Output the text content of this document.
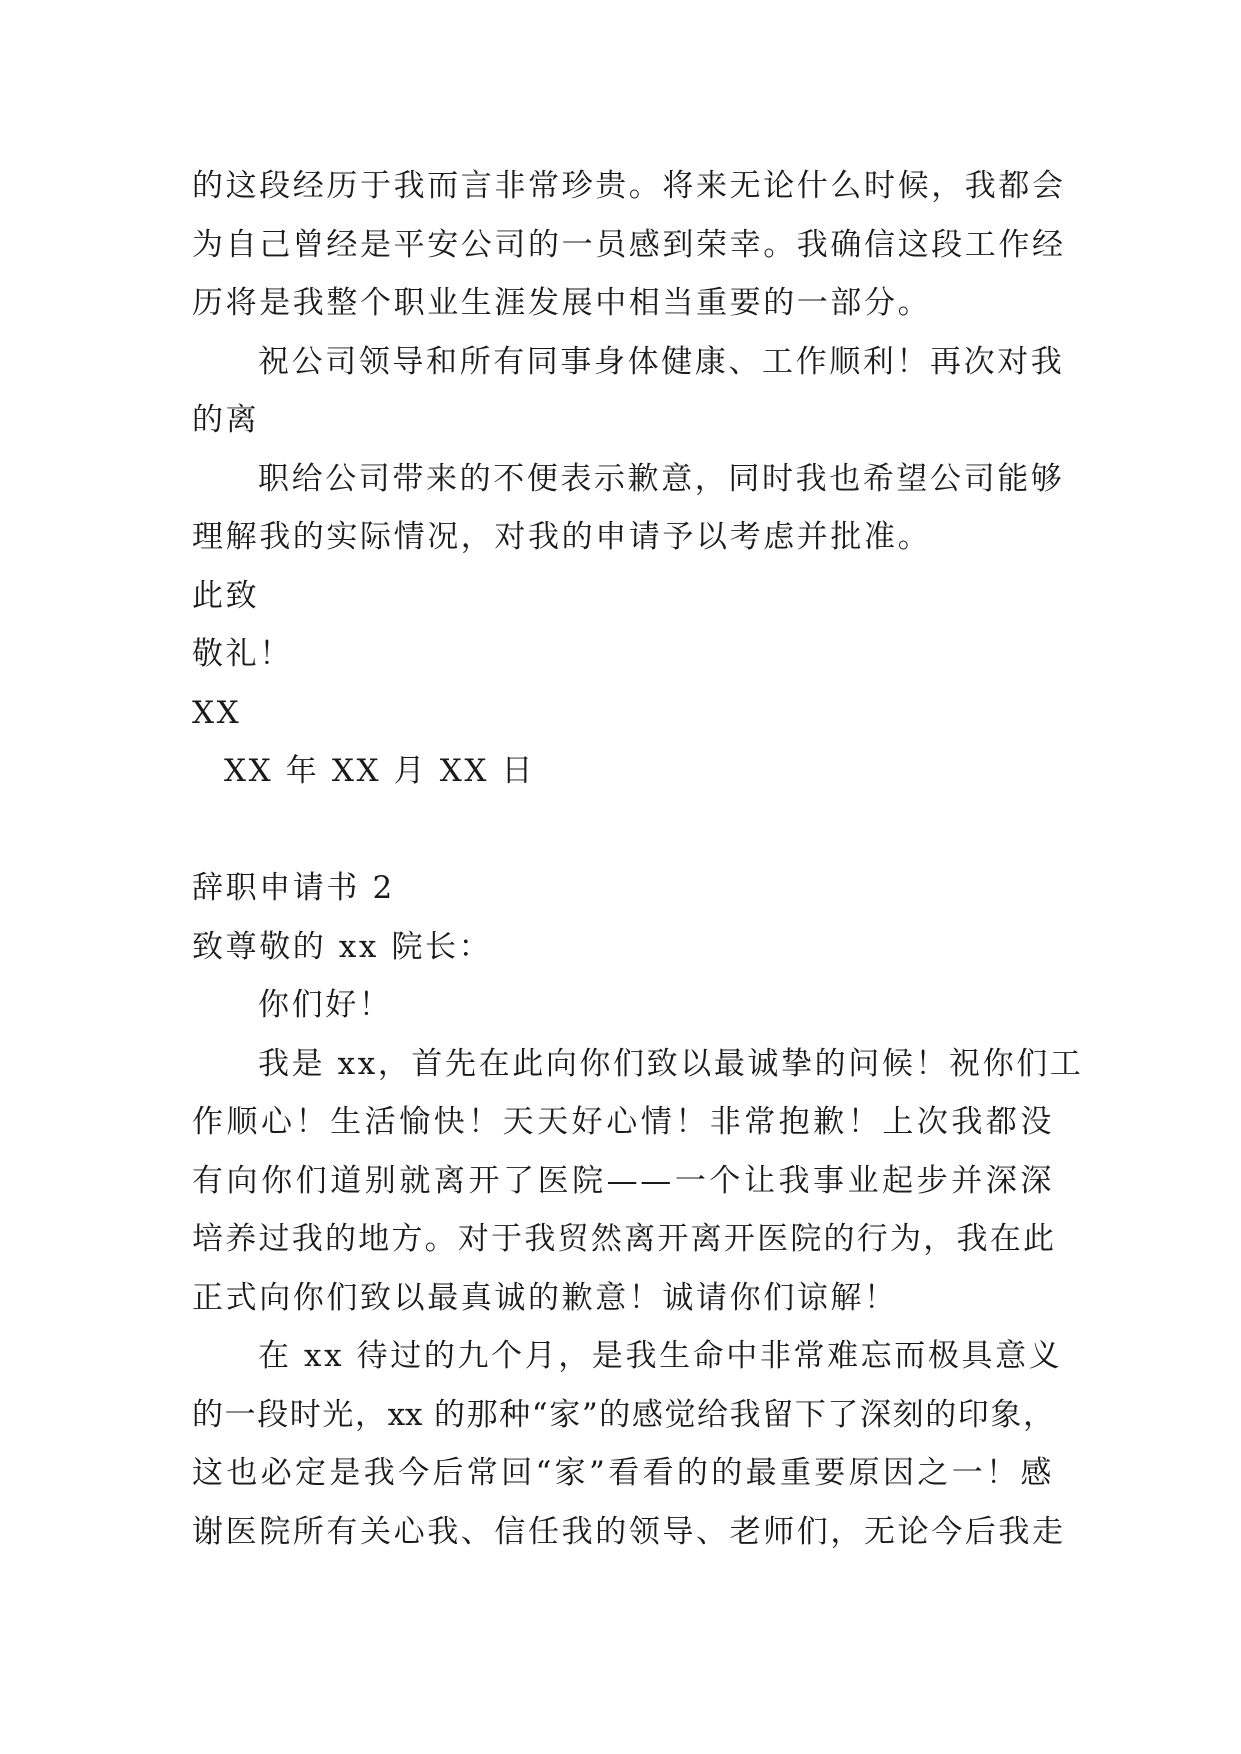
的这段经历于我而言非常珍贵。将来无论什么时候，我都会
为自己曾经是平安公司的一员感到荣幸。我确信这段工作经
历将是我整个职业生涯发展中相当重要的一部分。
祝公司领导和所有同事身体健康、工作顺利！再次对我
的离
职给公司带来的不便表示歉意，同时我也希望公司能够
理解我的实际情况，对我的申请予以考虑并批准。
此致
敬礼！
XX
XX 年 XX 月 XX 日
辞职申请书 2
致尊敬的 xx 院长：
你们好！
我是 xx，首先在此向你们致以最诚挚的问候！祝你们工
作顺心！生活愉快！天天好心情！非常抱歉！上次我都没
有向你们道别就离开了医院——一个让我事业起步并深深
培养过我的地方。对于我贸然离开离开医院的行为，我在此
正式向你们致以最真诚的歉意！诚请你们谅解！
在 xx 待过的九个月，是我生命中非常难忘而极具意义
的一段时光，xx 的那种“家”的感觉给我留下了深刻的印象，
这也必定是我今后常回“家”看看的的最重要原因之一！感
谢医院所有关心我、信任我的领导、老师们，无论今后我走
